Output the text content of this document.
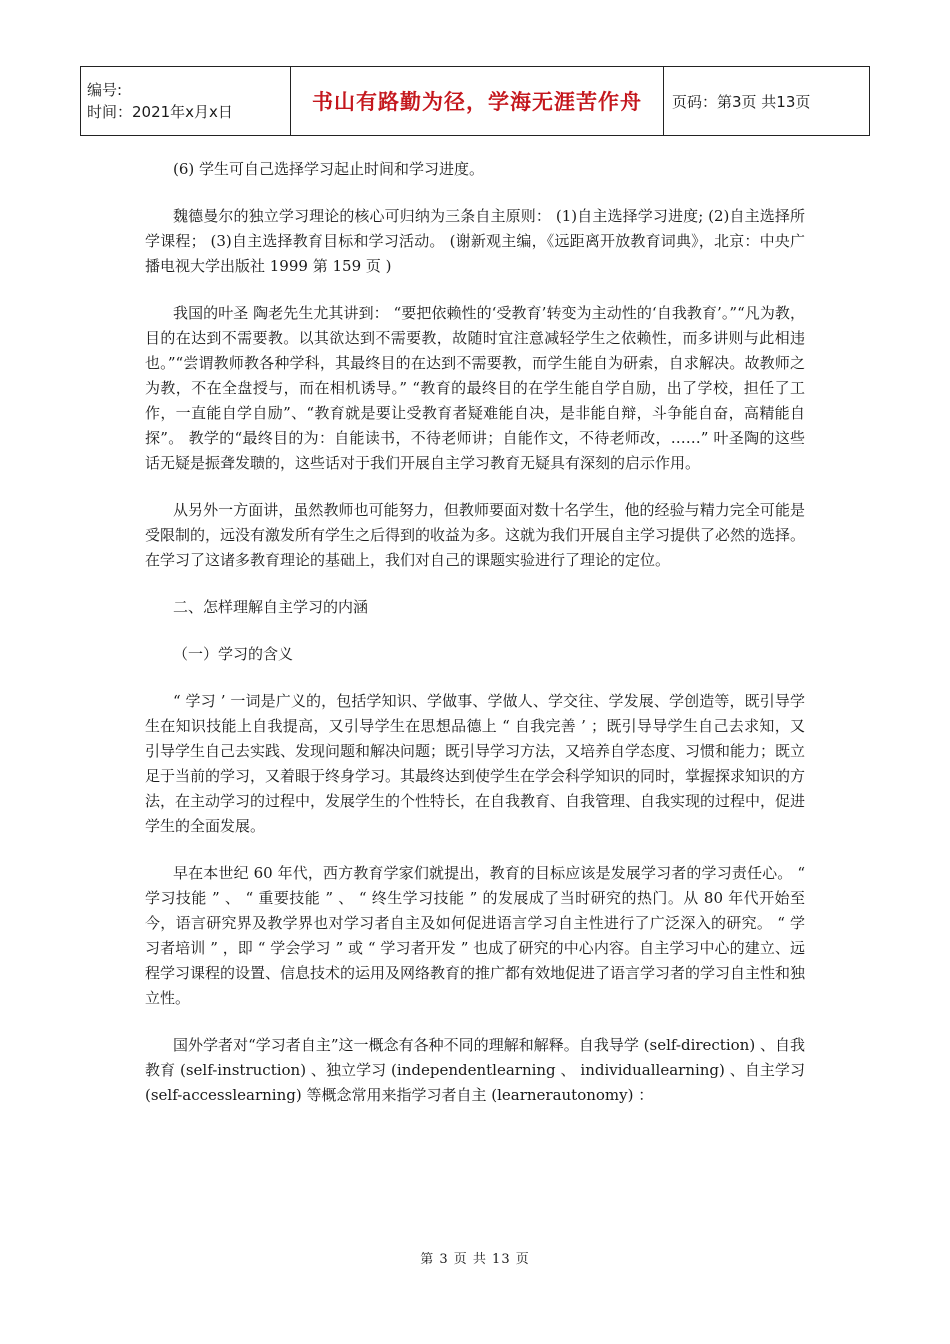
编号:
时间：2021年x月x日	书山有路勤为径，学海无涯苦作舟	页码：第3页 共13页

(6) 学生可自己选择学习起止时间和学习进度。

魏德曼尔的独立学习理论的核心可归纳为三条自主原则： (1)自主选择学习进度; (2)自主选择所学课程； (3)自主选择教育目标和学习活动。 (谢新观主编，《远距离开放教育词典》，北京：中央广播电视大学出版社 1999 第 159 页 )

我国的叶圣 陶老先生尤其讲到： “要把依赖性的‘受教育’转变为主动性的‘自我教育’。”“凡为教，目的在达到不需要教。以其欲达到不需要教，故随时宜注意减轻学生之依赖性，而多讲则与此相违也。”“尝谓教师教各种学科，其最终目的在达到不需要教，而学生能自为研索，自求解决。故教师之为教，不在全盘授与，而在相机诱导。” “教育的最终目的在学生能自学自励，出了学校，担任了工作，一直能自学自励”、“教育就是要让受教育者疑难能自决，是非能自辩，斗争能自奋，高精能自探”。 教学的“最终目的为：自能读书，不待老师讲；自能作文，不待老师改，……” 叶圣陶的这些话无疑是振聋发聩的，这些话对于我们开展自主学习教育无疑具有深刻的启示作用。

从另外一方面讲，虽然教师也可能努力，但教师要面对数十名学生，他的经验与精力完全可能是受限制的，远没有激发所有学生之后得到的收益为多。这就为我们开展自主学习提供了必然的选择。在学习了这诸多教育理论的基础上，我们对自己的课题实验进行了理论的定位。

二、怎样理解自主学习的内涵

（一）学习的含义

“ 学习 ’ 一词是广义的，包括学知识、学做事、学做人、学交往、学发展、学创造等，既引导学生在知识技能上自我提高，又引导学生在思想品德上 “ 自我完善 ’ ；既引导导学生自己去求知，又引导学生自己去实践、发现问题和解决问题；既引导学习方法，又培养自学态度、习惯和能力；既立足于当前的学习，又着眼于终身学习。其最终达到使学生在学会科学知识的同时，掌握探求知识的方法，在主动学习的过程中，发展学生的个性特长，在自我教育、自我管理、自我实现的过程中，促进学生的全面发展。

早在本世纪 60 年代，西方教育学家们就提出，教育的目标应该是发展学习者的学习责任心。 “ 学习技能 ” 、 “ 重要技能 ” 、 “ 终生学习技能 ” 的发展成了当时研究的热门。从 80 年代开始至今，语言研究界及教学界也对学习者自主及如何促进语言学习自主性进行了广泛深入的研究。 “ 学习者培训 ” ，即 “ 学会学习 ” 或 “ 学习者开发 ” 也成了研究的中心内容。自主学习中心的建立、远程学习课程的设置、信息技术的运用及网络教育的推广都有效地促进了语言学习者的学习自主性和独立性。

国外学者对“学习者自主”这一概念有各种不同的理解和解释。自我导学 (self-direction) 、自我教育 (self-instruction) 、独立学习 (independentlearning 、 individuallearning) 、自主学习 (self-accesslearning) 等概念常用来指学习者自主 (learnerautonomy) ：

第 3 页 共 13 页
